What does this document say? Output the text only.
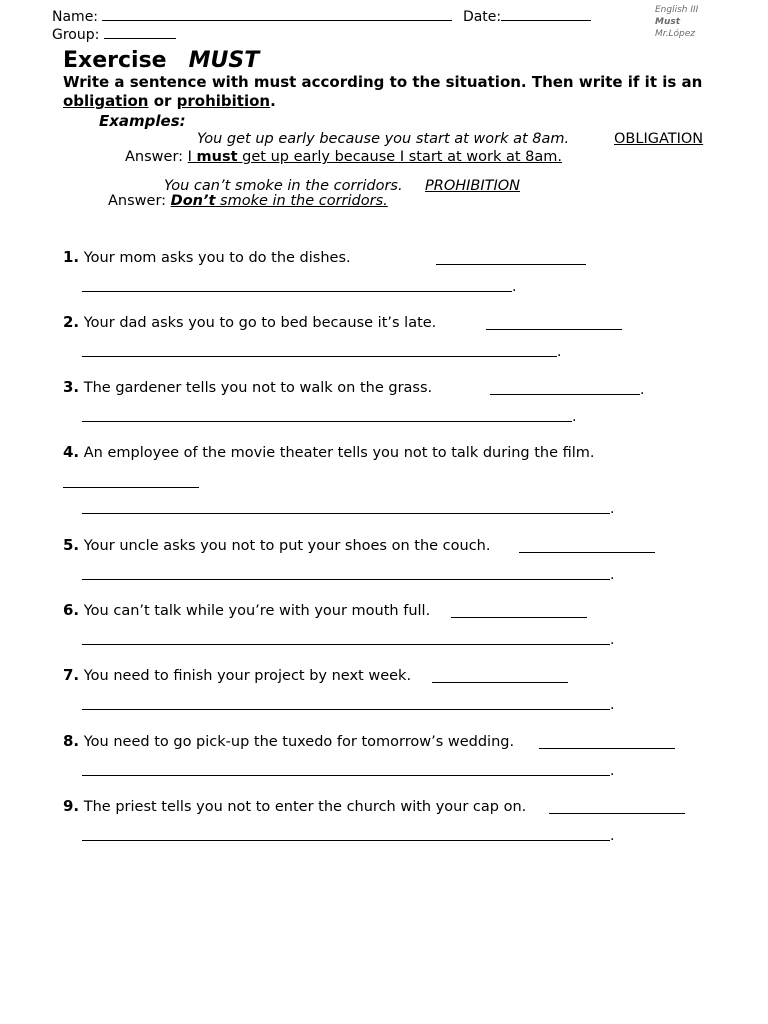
Name:	Date:
Group:
English III
Must
Mr.López
Exercise MUST
Write a sentence with must according to the situation. Then write if it is an
obligation or prohibition.
Examples:
You get up early because you start at work at 8am.	OBLIGATION
Answer: I must get up early because I start at work at 8am.
You can’t smoke in the corridors. PROHIBITION
Answer: Don’t smoke in the corridors.
1. Your mom asks you to do the dishes.
.
2. Your dad asks you to go to bed because it’s late.
.
3. The gardener tells you not to walk on the grass.	.
.
4. An employee of the movie theater tells you not to talk during the film.
.
5. Your uncle asks you not to put your shoes on the couch.
.
6. You can’t talk while you’re with your mouth full.
.
7. You need to finish your project by next week.
.
8. You need to go pick-up the tuxedo for tomorrow’s wedding.
.
9. The priest tells you not to enter the church with your cap on.
.
